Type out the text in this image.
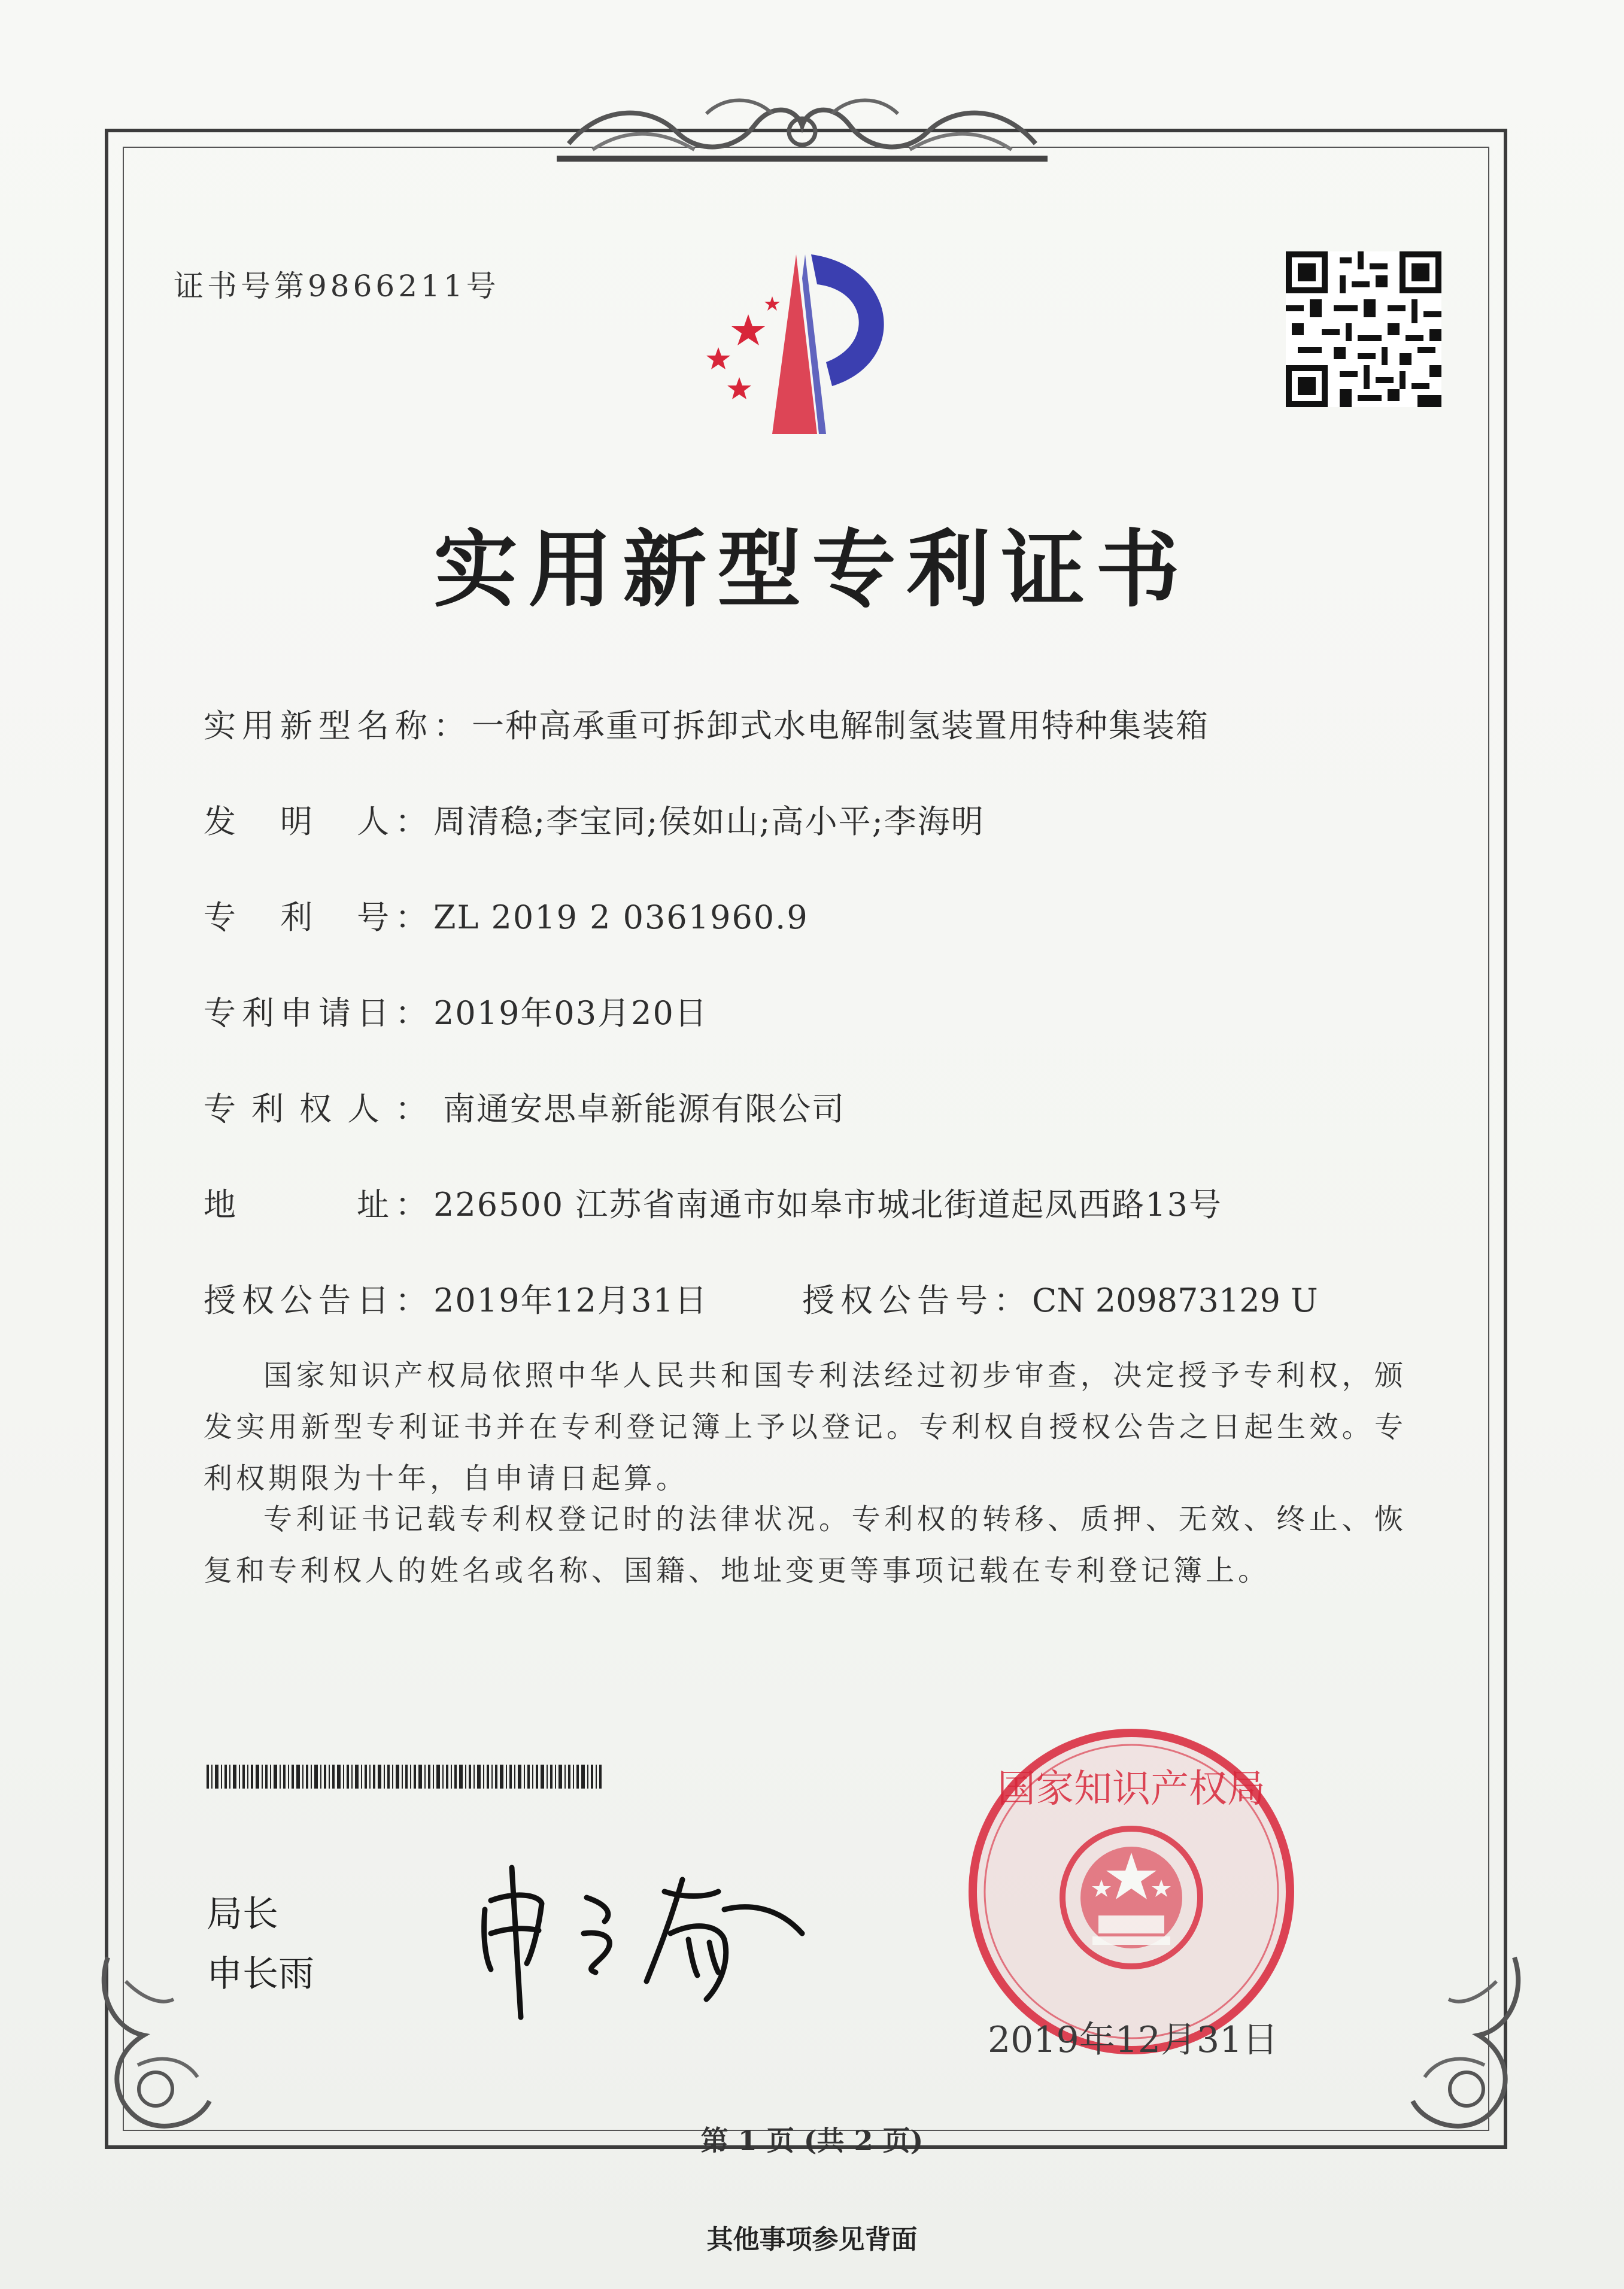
证书号第9866211号
实用新型专利证书
实用新型名称：一种高承重可拆卸式水电解制氢装置用特种集装箱
发　明　人：周清稳;李宝同;侯如山;高小平;李海明
专　利　号：ZL 2019 2 0361960.9
专利申请日：2019年03月20日
专利权人：南通安思卓新能源有限公司
地　　　址：226500 江苏省南通市如皋市城北街道起凤西路13号
授权公告日：2019年12月31日	授权公告号：CN 209873129 U
国家知识产权局依照中华人民共和国专利法经过初步审查，决定授予专利权，颁发实用新型专利证书并在专利登记簿上予以登记。专利权自授权公告之日起生效。专利权期限为十年，自申请日起算。
专利证书记载专利权登记时的法律状况。专利权的转移、质押、无效、终止、恢复和专利权人的姓名或名称、国籍、地址变更等事项记载在专利登记簿上。
局长
申长雨
国家知识产权局
2019年12月31日
第 1 页 (共 2 页)
其他事项参见背面
